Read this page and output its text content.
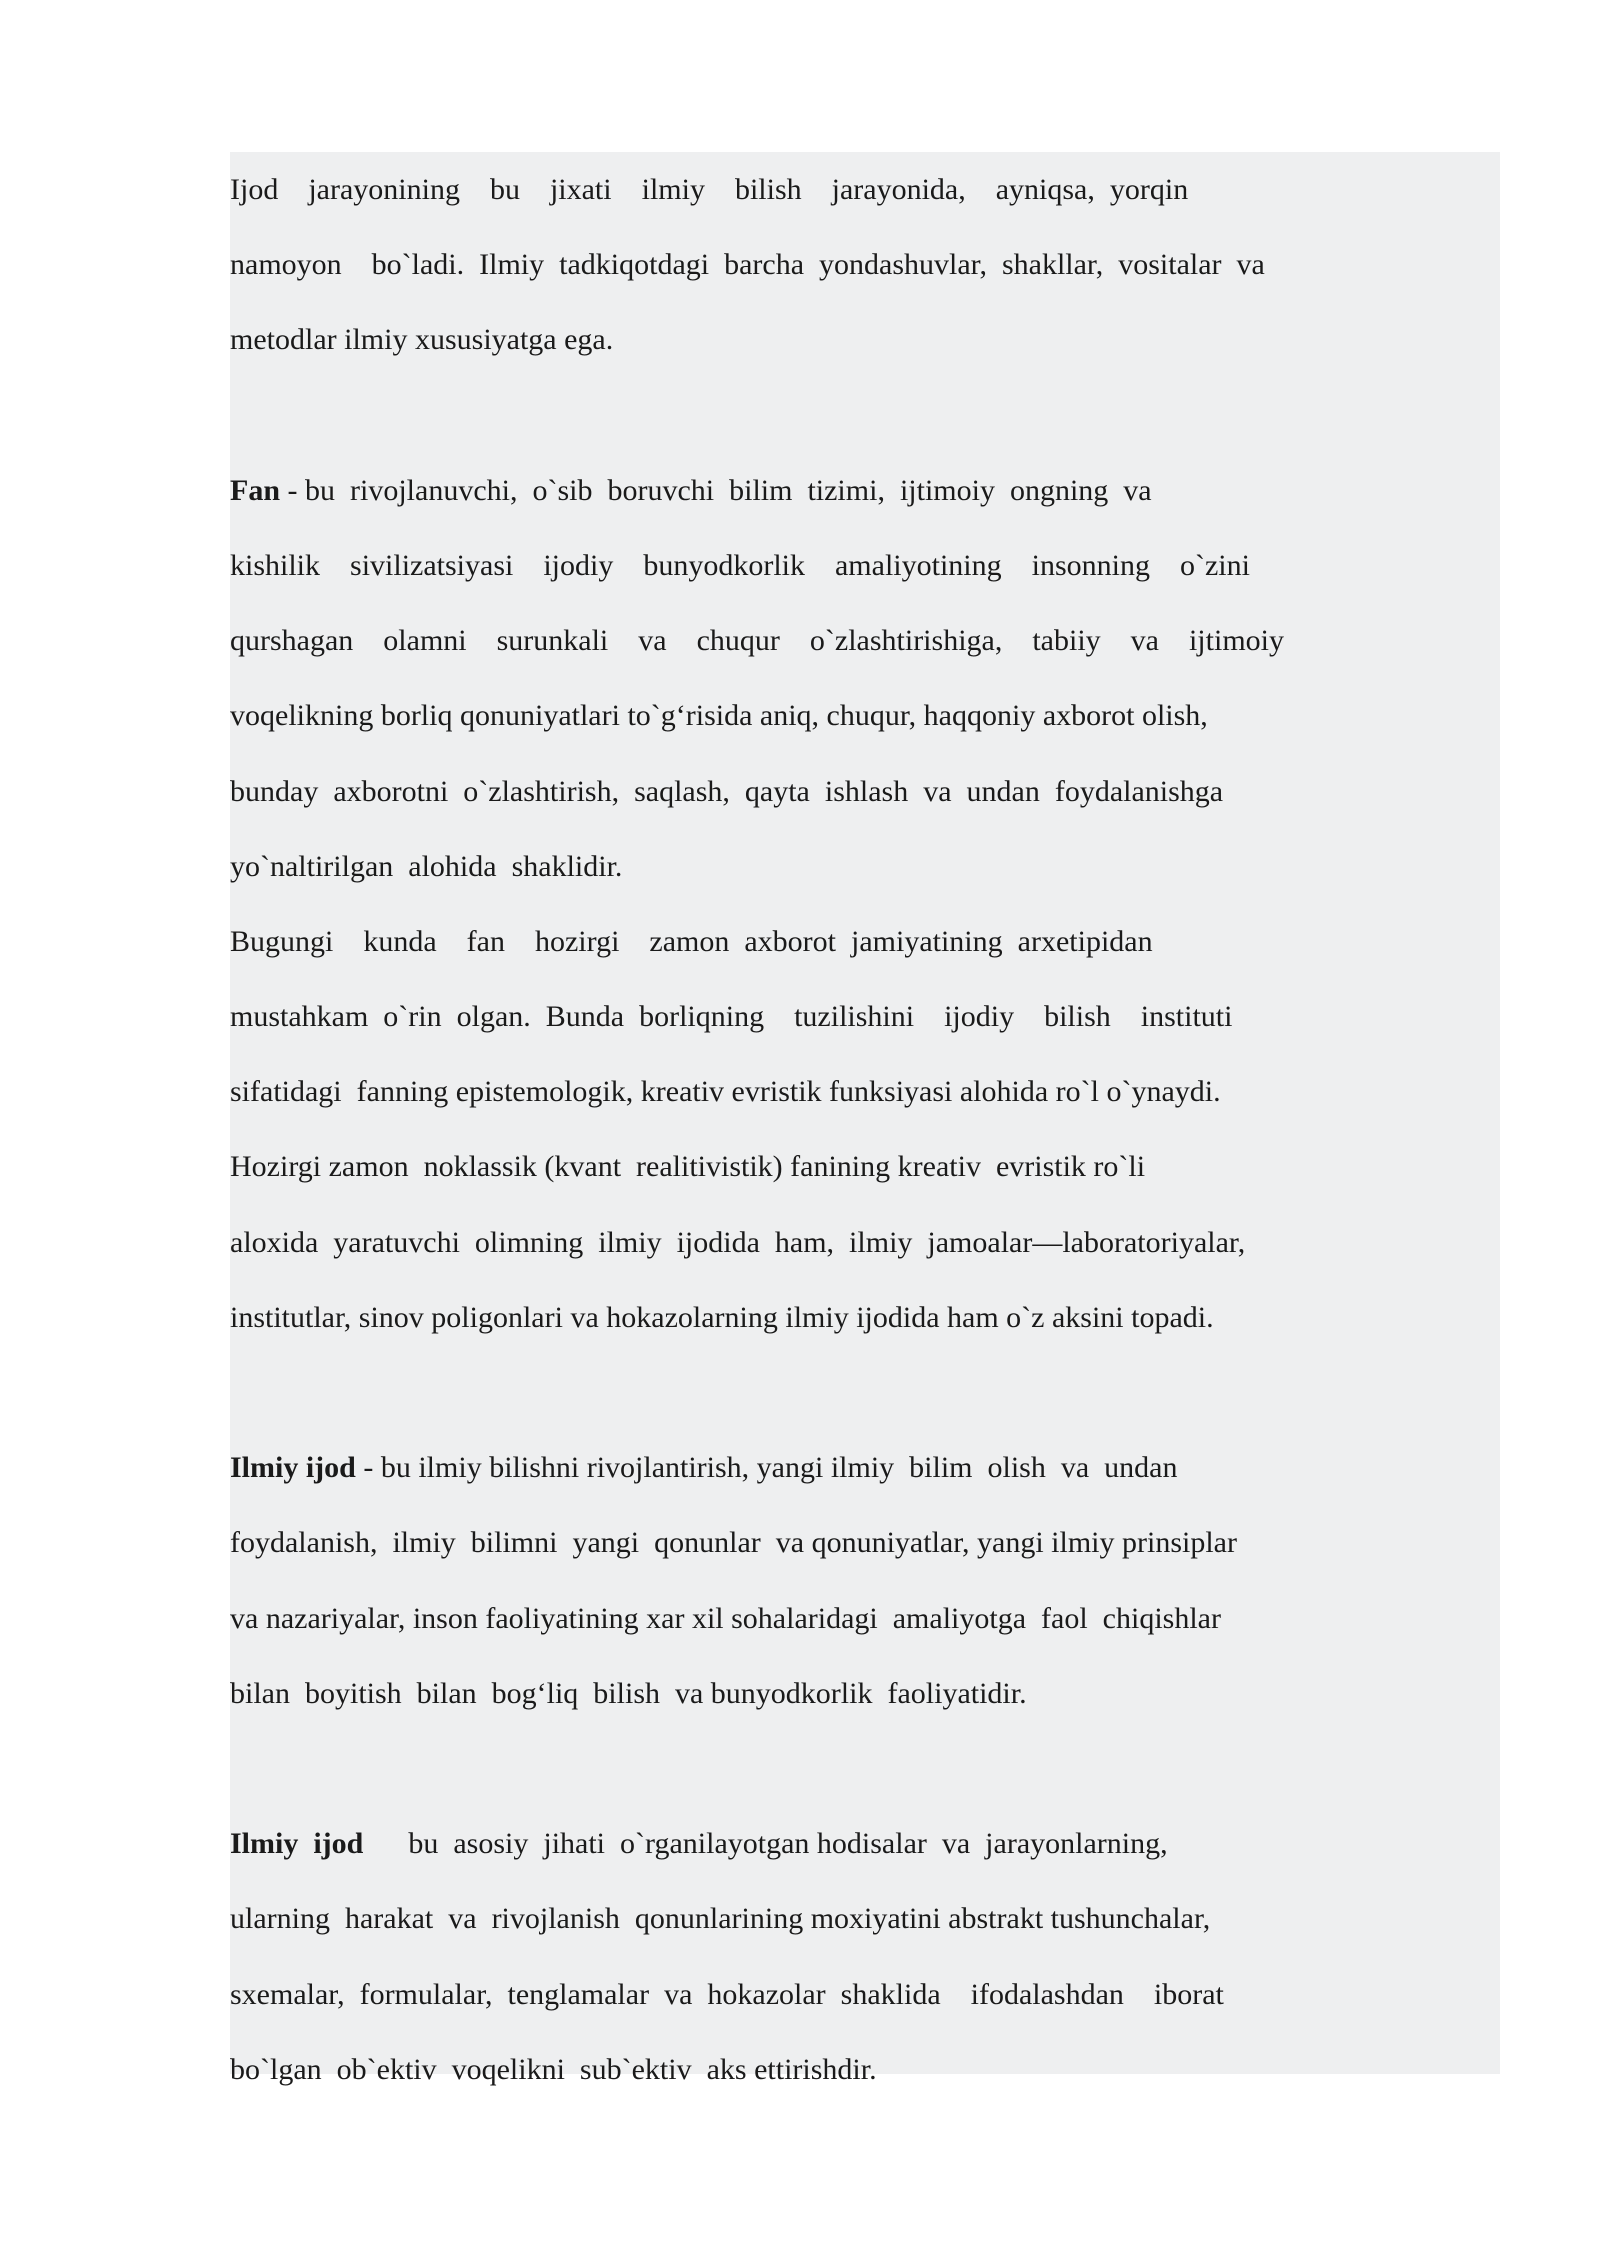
Ijod    jarayonining    bu    jixati    ilmiy    bilish    jarayonida,    ayniqsa,  yorqin
namoyon    bo`ladi.  Ilmiy  tadkiqotdagi  barcha  yondashuvlar,  shakllar,  vositalar  va
metodlar ilmiy xususiyatga ega.
Fan - bu  rivojlanuvchi,  o`sib  boruvchi  bilim  tizimi,  ijtimoiy  ongning  va
kishilik    sivilizatsiyasi    ijodiy    bunyodkorlik    amaliyotining    insonning    o`zini
qurshagan    olamni    surunkali    va    chuqur    o`zlashtirishiga,    tabiiy    va    ijtimoiy
voqelikning borliq qonuniyatlari to`g‘risida aniq, chuqur, haqqoniy axborot olish,
bunday  axborotni  o`zlashtirish,  saqlash,  qayta  ishlash  va  undan  foydalanishga
yo`naltirilgan  alohida  shaklidir.
Bugungi    kunda    fan    hozirgi    zamon  axborot  jamiyatining  arxetipidan
mustahkam  o`rin  olgan.  Bunda  borliqning    tuzilishini    ijodiy    bilish    instituti
sifatidagi  fanning epistemologik, kreativ evristik funksiyasi alohida ro`l o`ynaydi.
Hozirgi zamon  noklassik (kvant  realitivistik) fanining kreativ  evristik ro`li
aloxida  yaratuvchi  olimning  ilmiy  ijodida  ham,  ilmiy  jamoalar—laboratoriyalar,
institutlar, sinov poligonlari va hokazolarning ilmiy ijodida ham o`z aksini topadi.
Ilmiy ijod - bu ilmiy bilishni rivojlantirish, yangi ilmiy  bilim  olish  va  undan
foydalanish,  ilmiy  bilimni  yangi  qonunlar  va qonuniyatlar, yangi ilmiy prinsiplar
va nazariyalar, inson faoliyatining xar xil sohalaridagi  amaliyotga  faol  chiqishlar
bilan  boyitish  bilan  bog‘liq  bilish  va bunyodkorlik  faoliyatidir.
Ilmiy  ijod      bu  asosiy  jihati  o`rganilayotgan hodisalar  va  jarayonlarning,
ularning  harakat  va  rivojlanish  qonunlarining moxiyatini abstrakt tushunchalar,
sxemalar,  formulalar,  tenglamalar  va  hokazolar  shaklida    ifodalashdan    iborat
bo`lgan  ob`ektiv  voqelikni  sub`ektiv  aks ettirishdir.
